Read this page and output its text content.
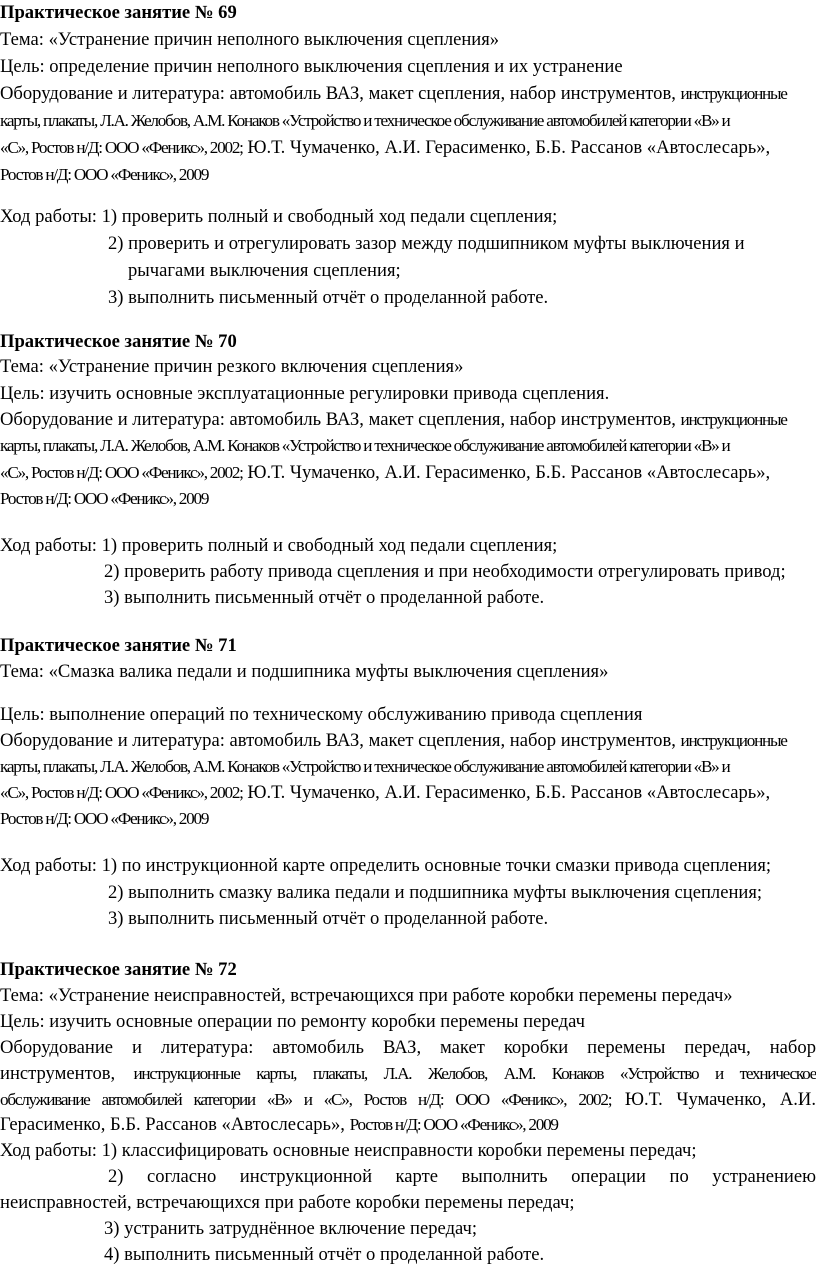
Практическое занятие № 69
Тема: «Устранение причин неполного выключения сцепления»
Цель: определение причин неполного выключения сцепления и их устранение
Оборудование и литература: автомобиль ВАЗ, макет сцепления, набор инструментов, инструкционные
карты, плакаты, Л.А. Желобов, А.М. Конаков «Устройство и техническое обслуживание автомобилей категории «В» и
«С», Ростов н/Д: ООО «Феникс», 2002; Ю.Т. Чумаченко, А.И. Гераcименко, Б.Б. Рассанов «Автослесарь»,
Ростов н/Д: ООО «Феникс», 2009
Ход работы: 1) проверить полный и свободный ход педали сцепления;
2) проверить и отрегулировать зазор между подшипником муфты выключения и
рычагами выключения сцепления;
3) выполнить письменный отчёт о проделанной работе.
Практическое занятие № 70
Тема: «Устранение причин резкого включения сцепления»
Цель: изучить основные эксплуатационные регулировки привода сцепления.
Оборудование и литература: автомобиль ВАЗ, макет сцепления, набор инструментов, инструкционные
карты, плакаты, Л.А. Желобов, А.М. Конаков «Устройство и техническое обслуживание автомобилей категории «В» и
«С», Ростов н/Д: ООО «Феникс», 2002; Ю.Т. Чумаченко, А.И. Гераcименко, Б.Б. Рассанов «Автослесарь»,
Ростов н/Д: ООО «Феникс», 2009
Ход работы: 1) проверить полный и свободный ход педали сцепления;
2) проверить работу привода сцепления и при необходимости отрегулировать привод;
3) выполнить письменный отчёт о проделанной работе.
Практическое занятие № 71
Тема: «Смазка валика педали и подшипника муфты выключения сцепления»
Цель: выполнение операций по техническому обслуживанию привода сцепления
Оборудование и литература: автомобиль ВАЗ, макет сцепления, набор инструментов, инструкционные
карты, плакаты, Л.А. Желобов, А.М. Конаков «Устройство и техническое обслуживание автомобилей категории «В» и
«С», Ростов н/Д: ООО «Феникс», 2002; Ю.Т. Чумаченко, А.И. Гераcименко, Б.Б. Рассанов «Автослесарь»,
Ростов н/Д: ООО «Феникс», 2009
Ход работы: 1) по инструкционной карте определить основные точки смазки привода сцепления;
2) выполнить смазку валика педали и подшипника муфты выключения сцепления;
3) выполнить письменный отчёт о проделанной работе.
Практическое занятие № 72
Тема: «Устранение неисправностей, встречающихся при работе коробки перемены передач»
Цель: изучить основные операции по ремонту коробки перемены передач
Оборудование и литература: автомобиль ВАЗ, макет коробки перемены передач, набор
инструментов, инструкционные карты, плакаты, Л.А. Желобов, А.М. Конаков «Устройство и техническое
обслуживание автомобилей категории «В» и «С», Ростов н/Д: ООО «Феникс», 2002; Ю.Т. Чумаченко, А.И.
Гераcименко, Б.Б. Рассанов «Автослесарь», Ростов н/Д: ООО «Феникс», 2009
Ход работы: 1) классифицировать основные неисправности коробки перемены передач;
2) согласно инструкционной карте выполнить операции по устранениею
неисправностей, встречающихся при работе коробки перемены передач;
3) устранить затруднённое включение передач;
4) выполнить письменный отчёт о проделанной работе.
